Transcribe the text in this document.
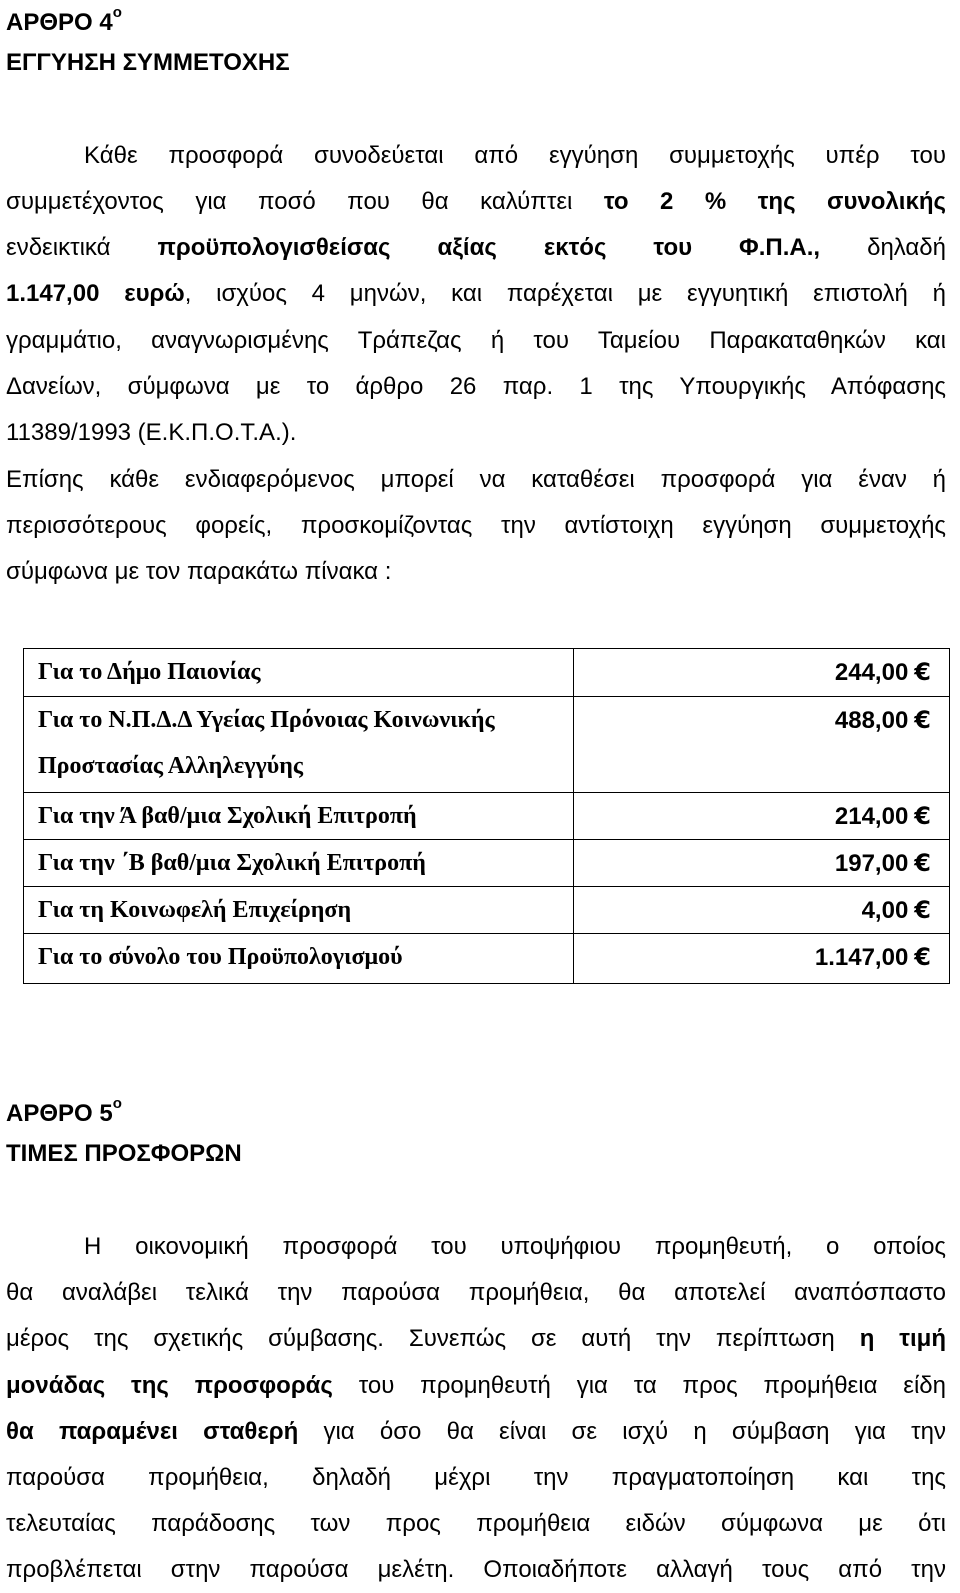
ΑΡΘΡΟ $4^o$
ΕΓΓΥΗΣΗ ΣΥΜΜΕΤΟΧΗΣ
Κάθε προσφορά συνοδεύεται από εγγύηση συμμετοχής υπέρ του
συμμετέχοντος για ποσό που θα καλύπτει το 2 % της συνολικής
ενδεικτικά προϋπολογισθείσας αξίας εκτός του Φ.Π.Α., δηλαδή
1.147,00 ευρώ, ισχύος 4 μηνών, και παρέχεται με εγγυητική επιστολή ή
γραμμάτιο, αναγνωρισμένης Τράπεζας ή του Ταμείου Παρακαταθηκών και
Δανείων, σύμφωνα με το άρθρο 26 παρ. 1 της Υπουργικής Απόφασης
11389/1993 (Ε.Κ.Π.Ο.Τ.Α.).
Επίσης κάθε ενδιαφερόμενος μπορεί να καταθέσει προσφορά για έναν ή
περισσότερους φορείς, προσκομίζοντας την αντίστοιχη εγγύηση συμμετοχής
σύμφωνα με τον παρακάτω πίνακα :
Για το Δήμο Παιονίας	244,00 €

Για το Ν.Π.Δ.Δ Υγείας Πρόνοιας Κοινωνικής
Προστασίας Αλληλεγγύης	488,00 €
Για την Ά βαθ/μια Σχολική Επιτροπή	214,00 €
Για την ΄Β βαθ/μια Σχολική Επιτροπή	197,00 €
Για τη Κοινωφελή Επιχείρηση	4,00 €
Για το σύνολο του Προϋπολογισμού	1.147,00 €
ΑΡΘΡΟ $5^o$
ΤΙΜΕΣ ΠΡΟΣΦΟΡΩΝ
Η οικονομική προσφορά του υποψήφιου προμηθευτή, ο οποίος
θα αναλάβει τελικά την παρούσα προμήθεια, θα αποτελεί αναπόσπαστο
μέρος της σχετικής σύμβασης. Συνεπώς σε αυτή την περίπτωση η τιμή
μονάδας της προσφοράς του προμηθευτή για τα προς προμήθεια είδη
θα παραμένει σταθερή για όσο θα είναι σε ισχύ η σύμβαση για την
παρούσα προμήθεια, δηλαδή μέχρι την πραγματοποίηση και της
τελευταίας παράδοσης των προς προμήθεια ειδών σύμφωνα με ότι
προβλέπεται στην παρούσα μελέτη. Οποιαδήποτε αλλαγή τους από την
